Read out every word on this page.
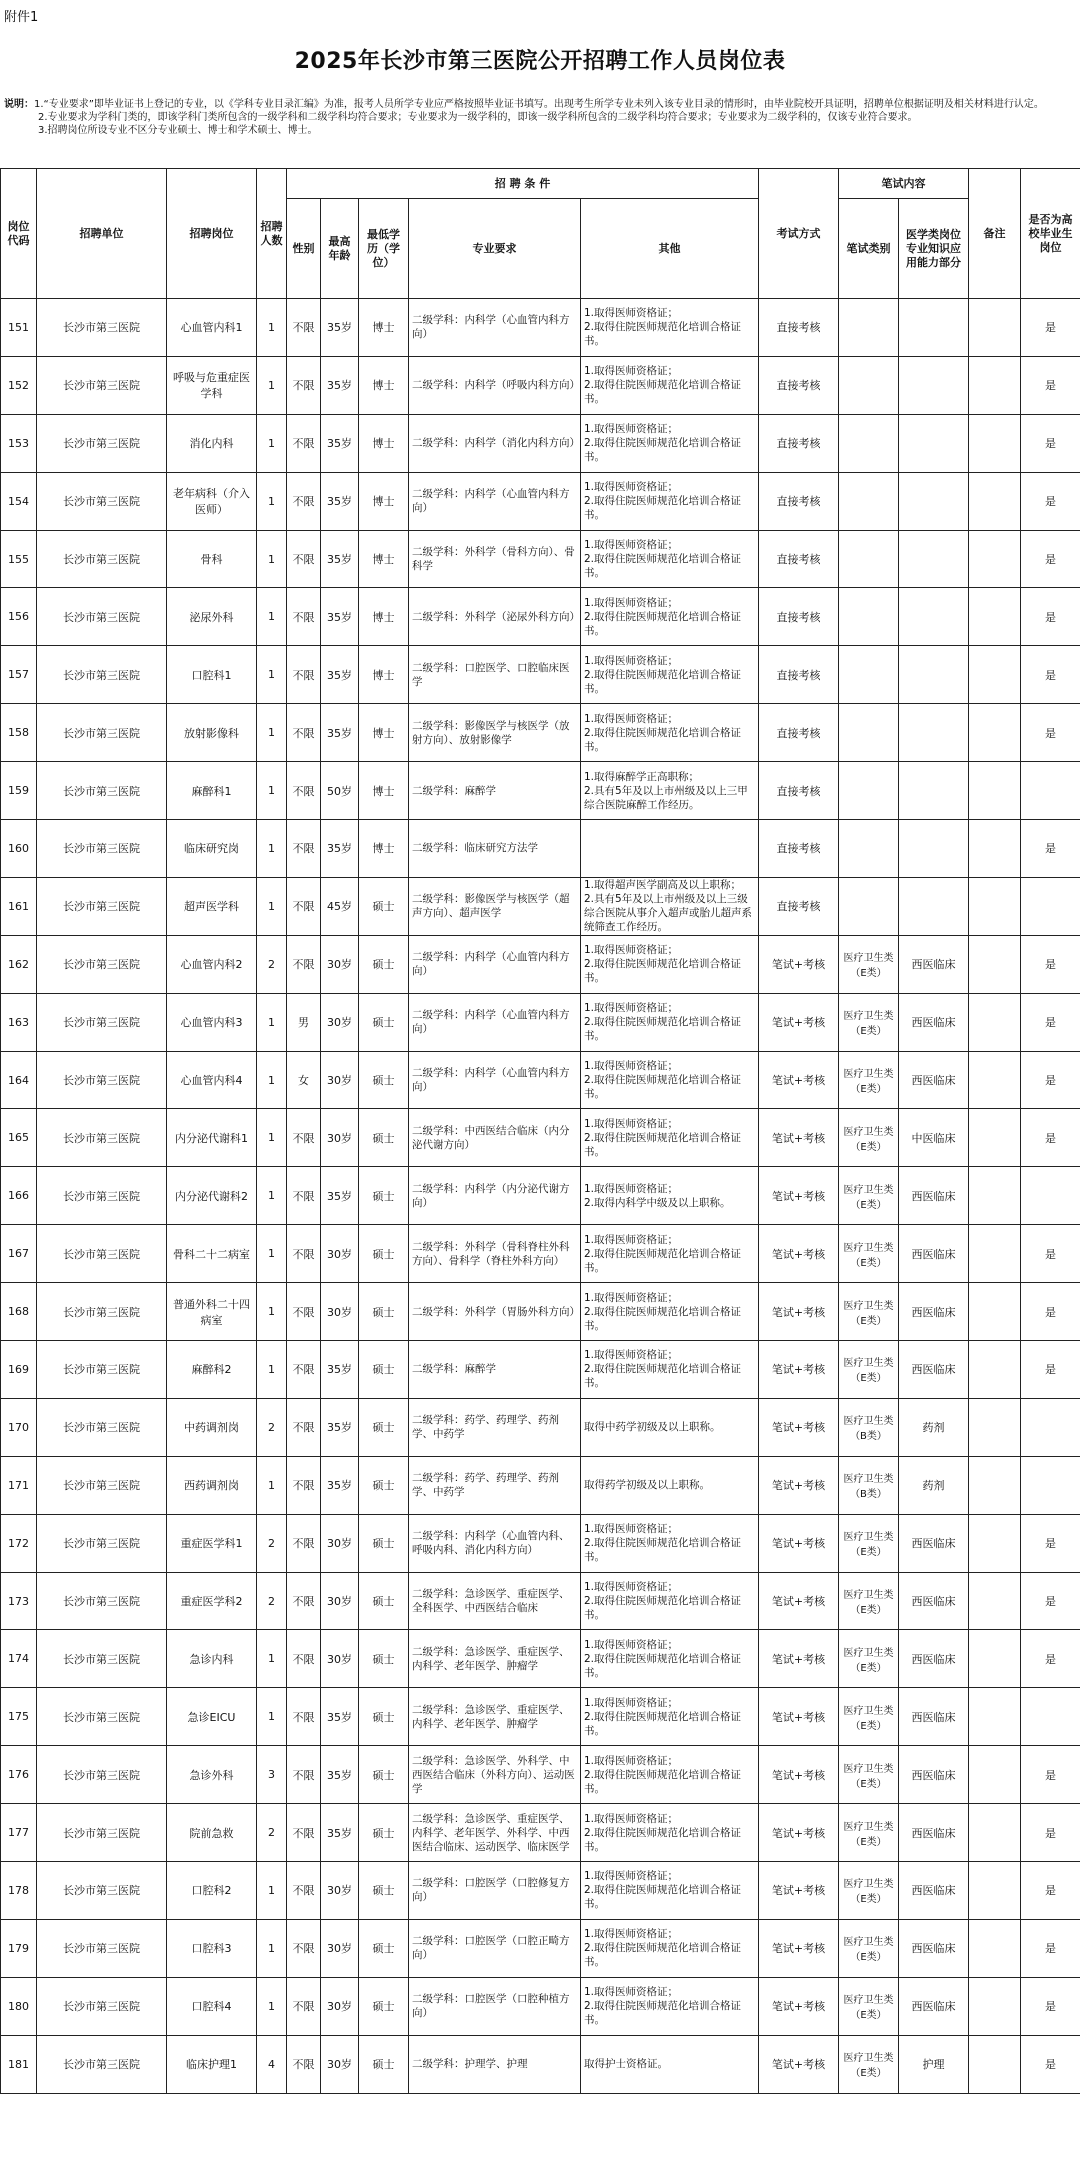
附件1
2025年长沙市第三医院公开招聘工作人员岗位表

说明：1.“专业要求”即毕业证书上登记的专业，以《学科专业目录汇编》为准，报考人员所学专业应严格按照毕业证书填写。出现考生所学专业未列入该专业目录的情形时，由毕业院校开具证明，招聘单位根据证明及相关材料进行认定。

2.专业要求为学科门类的，即该学科门类所包含的一级学科和二级学科均符合要求；专业要求为一级学科的，即该一级学科所包含的二级学科均符合要求；专业要求为二级学科的，仅该专业符合要求。

3.招聘岗位所设专业不区分专业硕士、博士和学术硕士、博士。

岗位代码	招聘单位	招聘岗位	招聘人数	招 聘 条 件					考试方式	笔试内容		备注	是否为高校毕业生岗位
				性别	最高年龄	最低学历（学位）	专业要求	其他		笔试类别	医学类岗位专业知识应用能力部分		
151	长沙市第三医院	心血管内科1	1	不限	35岁	博士	二级学科：内科学（心血管内科方向）	1.取得医师资格证；
2.取得住院医师规范化培训合格证书。	直接考核				是
152	长沙市第三医院	呼吸与危重症医学科	1	不限	35岁	博士	二级学科：内科学（呼吸内科方向）	1.取得医师资格证；
2.取得住院医师规范化培训合格证书。	直接考核				是
153	长沙市第三医院	消化内科	1	不限	35岁	博士	二级学科：内科学（消化内科方向）	1.取得医师资格证；
2.取得住院医师规范化培训合格证书。	直接考核				是
154	长沙市第三医院	老年病科（介入医师）	1	不限	35岁	博士	二级学科：内科学（心血管内科方向）	1.取得医师资格证；
2.取得住院医师规范化培训合格证书。	直接考核				是
155	长沙市第三医院	骨科	1	不限	35岁	博士	二级学科：外科学（骨科方向）、骨科学	1.取得医师资格证；
2.取得住院医师规范化培训合格证书。	直接考核				是
156	长沙市第三医院	泌尿外科	1	不限	35岁	博士	二级学科：外科学（泌尿外科方向）	1.取得医师资格证；
2.取得住院医师规范化培训合格证书。	直接考核				是
157	长沙市第三医院	口腔科1	1	不限	35岁	博士	二级学科：口腔医学、口腔临床医学	1.取得医师资格证；
2.取得住院医师规范化培训合格证书。	直接考核				是
158	长沙市第三医院	放射影像科	1	不限	35岁	博士	二级学科：影像医学与核医学（放射方向）、放射影像学	1.取得医师资格证；
2.取得住院医师规范化培训合格证书。	直接考核				是
159	长沙市第三医院	麻醉科1	1	不限	50岁	博士	二级学科：麻醉学	1.取得麻醉学正高职称；
2.具有5年及以上市州级及以上三甲综合医院麻醉工作经历。	直接考核				
160	长沙市第三医院	临床研究岗	1	不限	35岁	博士	二级学科：临床研究方法学		直接考核				是
161	长沙市第三医院	超声医学科	1	不限	45岁	硕士	二级学科：影像医学与核医学（超声方向）、超声医学	1.取得超声医学副高及以上职称；
2.具有5年及以上市州级及以上三级综合医院从事介入超声或胎儿超声系统筛查工作经历。	直接考核				
162	长沙市第三医院	心血管内科2	2	不限	30岁	硕士	二级学科：内科学（心血管内科方向）	1.取得医师资格证；
2.取得住院医师规范化培训合格证书。	笔试+考核	医疗卫生类（E类）	西医临床		是
163	长沙市第三医院	心血管内科3	1	男	30岁	硕士	二级学科：内科学（心血管内科方向）	1.取得医师资格证；
2.取得住院医师规范化培训合格证书。	笔试+考核	医疗卫生类（E类）	西医临床		是
164	长沙市第三医院	心血管内科4	1	女	30岁	硕士	二级学科：内科学（心血管内科方向）	1.取得医师资格证；
2.取得住院医师规范化培训合格证书。	笔试+考核	医疗卫生类（E类）	西医临床		是
165	长沙市第三医院	内分泌代谢科1	1	不限	30岁	硕士	二级学科：中西医结合临床（内分泌代谢方向）	1.取得医师资格证；
2.取得住院医师规范化培训合格证书。	笔试+考核	医疗卫生类（E类）	中医临床		是
166	长沙市第三医院	内分泌代谢科2	1	不限	35岁	硕士	二级学科：内科学（内分泌代谢方向）	1.取得医师资格证；
2.取得内科学中级及以上职称。	笔试+考核	医疗卫生类（E类）	西医临床		
167	长沙市第三医院	骨科二十二病室	1	不限	30岁	硕士	二级学科：外科学（骨科脊柱外科方向）、骨科学（脊柱外科方向）	1.取得医师资格证；
2.取得住院医师规范化培训合格证书。	笔试+考核	医疗卫生类（E类）	西医临床		是
168	长沙市第三医院	普通外科二十四病室	1	不限	30岁	硕士	二级学科：外科学（胃肠外科方向）	1.取得医师资格证；
2.取得住院医师规范化培训合格证书。	笔试+考核	医疗卫生类（E类）	西医临床		是
169	长沙市第三医院	麻醉科2	1	不限	35岁	硕士	二级学科：麻醉学	1.取得医师资格证；
2.取得住院医师规范化培训合格证书。	笔试+考核	医疗卫生类（E类）	西医临床		是
170	长沙市第三医院	中药调剂岗	2	不限	35岁	硕士	二级学科：药学、药理学、药剂学、中药学	取得中药学初级及以上职称。	笔试+考核	医疗卫生类（B类）	药剂		
171	长沙市第三医院	西药调剂岗	1	不限	35岁	硕士	二级学科：药学、药理学、药剂学、中药学	取得药学初级及以上职称。	笔试+考核	医疗卫生类（B类）	药剂		
172	长沙市第三医院	重症医学科1	2	不限	30岁	硕士	二级学科：内科学（心血管内科、呼吸内科、消化内科方向）	1.取得医师资格证；
2.取得住院医师规范化培训合格证书。	笔试+考核	医疗卫生类（E类）	西医临床		是
173	长沙市第三医院	重症医学科2	2	不限	30岁	硕士	二级学科：急诊医学、重症医学、全科医学、中西医结合临床	1.取得医师资格证；
2.取得住院医师规范化培训合格证书。	笔试+考核	医疗卫生类（E类）	西医临床		是
174	长沙市第三医院	急诊内科	1	不限	30岁	硕士	二级学科：急诊医学、重症医学、内科学、老年医学、肿瘤学	1.取得医师资格证；
2.取得住院医师规范化培训合格证书。	笔试+考核	医疗卫生类（E类）	西医临床		是
175	长沙市第三医院	急诊EICU	1	不限	35岁	硕士	二级学科：急诊医学、重症医学、内科学、老年医学、肿瘤学	1.取得医师资格证；
2.取得住院医师规范化培训合格证书。	笔试+考核	医疗卫生类（E类）	西医临床		
176	长沙市第三医院	急诊外科	3	不限	35岁	硕士	二级学科：急诊医学、外科学、中西医结合临床（外科方向）、运动医学	1.取得医师资格证；
2.取得住院医师规范化培训合格证书。	笔试+考核	医疗卫生类（E类）	西医临床		是
177	长沙市第三医院	院前急救	2	不限	35岁	硕士	二级学科：急诊医学、重症医学、内科学、老年医学、外科学、中西医结合临床、运动医学、临床医学	1.取得医师资格证；
2.取得住院医师规范化培训合格证书。	笔试+考核	医疗卫生类（E类）	西医临床		是
178	长沙市第三医院	口腔科2	1	不限	30岁	硕士	二级学科：口腔医学（口腔修复方向）	1.取得医师资格证；
2.取得住院医师规范化培训合格证书。	笔试+考核	医疗卫生类（E类）	西医临床		是
179	长沙市第三医院	口腔科3	1	不限	30岁	硕士	二级学科：口腔医学（口腔正畸方向）	1.取得医师资格证；
2.取得住院医师规范化培训合格证书。	笔试+考核	医疗卫生类（E类）	西医临床		是
180	长沙市第三医院	口腔科4	1	不限	30岁	硕士	二级学科：口腔医学（口腔种植方向）	1.取得医师资格证；
2.取得住院医师规范化培训合格证书。	笔试+考核	医疗卫生类（E类）	西医临床		是
181	长沙市第三医院	临床护理1	4	不限	30岁	硕士	二级学科：护理学、护理	取得护士资格证。	笔试+考核	医疗卫生类（E类）	护理		是
